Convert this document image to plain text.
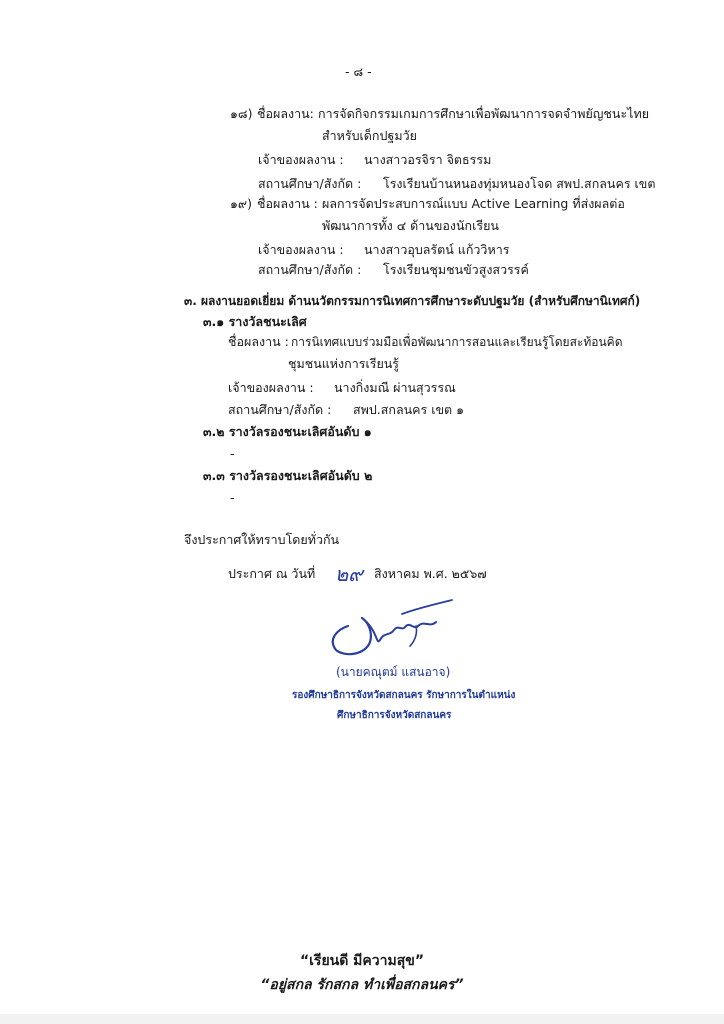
- ๘ -
๑๘) ชื่อผลงาน: การจัดกิจกรรมเกมการศึกษาเพื่อพัฒนาการจดจำพยัญชนะไทย
สำหรับเด็กปฐมวัย
เจ้าของผลงาน : นางสาวอรจิรา จิตธรรม
สถานศึกษา/สังกัด : โรงเรียนบ้านหนองทุ่มหนองโจด สพป.สกลนคร เขต
๑๙) ชื่อผลงาน : ผลการจัดประสบการณ์แบบ Active Learning ที่ส่งผลต่อ
พัฒนาการทั้ง ๔ ด้านของนักเรียน
เจ้าของผลงาน : นางสาวอุบลรัตน์ แก้ววิหาร
สถานศึกษา/สังกัด : โรงเรียนชุมชนขัวสูงสวรรค์
๓. ผลงานยอดเยี่ยม ด้านนวัตกรรมการนิเทศการศึกษาระดับปฐมวัย (สำหรับศึกษานิเทศก์)
๓.๑ รางวัลชนะเลิศ
ชื่อผลงาน : การนิเทศแบบร่วมมือเพื่อพัฒนาการสอนและเรียนรู้โดยสะท้อนคิด
ชุมชนแห่งการเรียนรู้
เจ้าของผลงาน : นางกิ่งมณี ผ่านสุวรรณ
สถานศึกษา/สังกัด : สพป.สกลนคร เขต ๑
๓.๒ รางวัลรองชนะเลิศอันดับ ๑
-
๓.๓ รางวัลรองชนะเลิศอันดับ ๒
-
จึงประกาศให้ทราบโดยทั่วกัน
ประกาศ ณ วันที่ ๒๙ สิงหาคม พ.ศ. ๒๕๖๗
(นายคณุตม์ แสนอาจ)
รองศึกษาธิการจังหวัดสกลนคร รักษาการในตำแหน่ง
ศึกษาธิการจังหวัดสกลนคร
“เรียนดี มีความสุข”
“อยู่สกล รักสกล ทำเพื่อสกลนคร”
